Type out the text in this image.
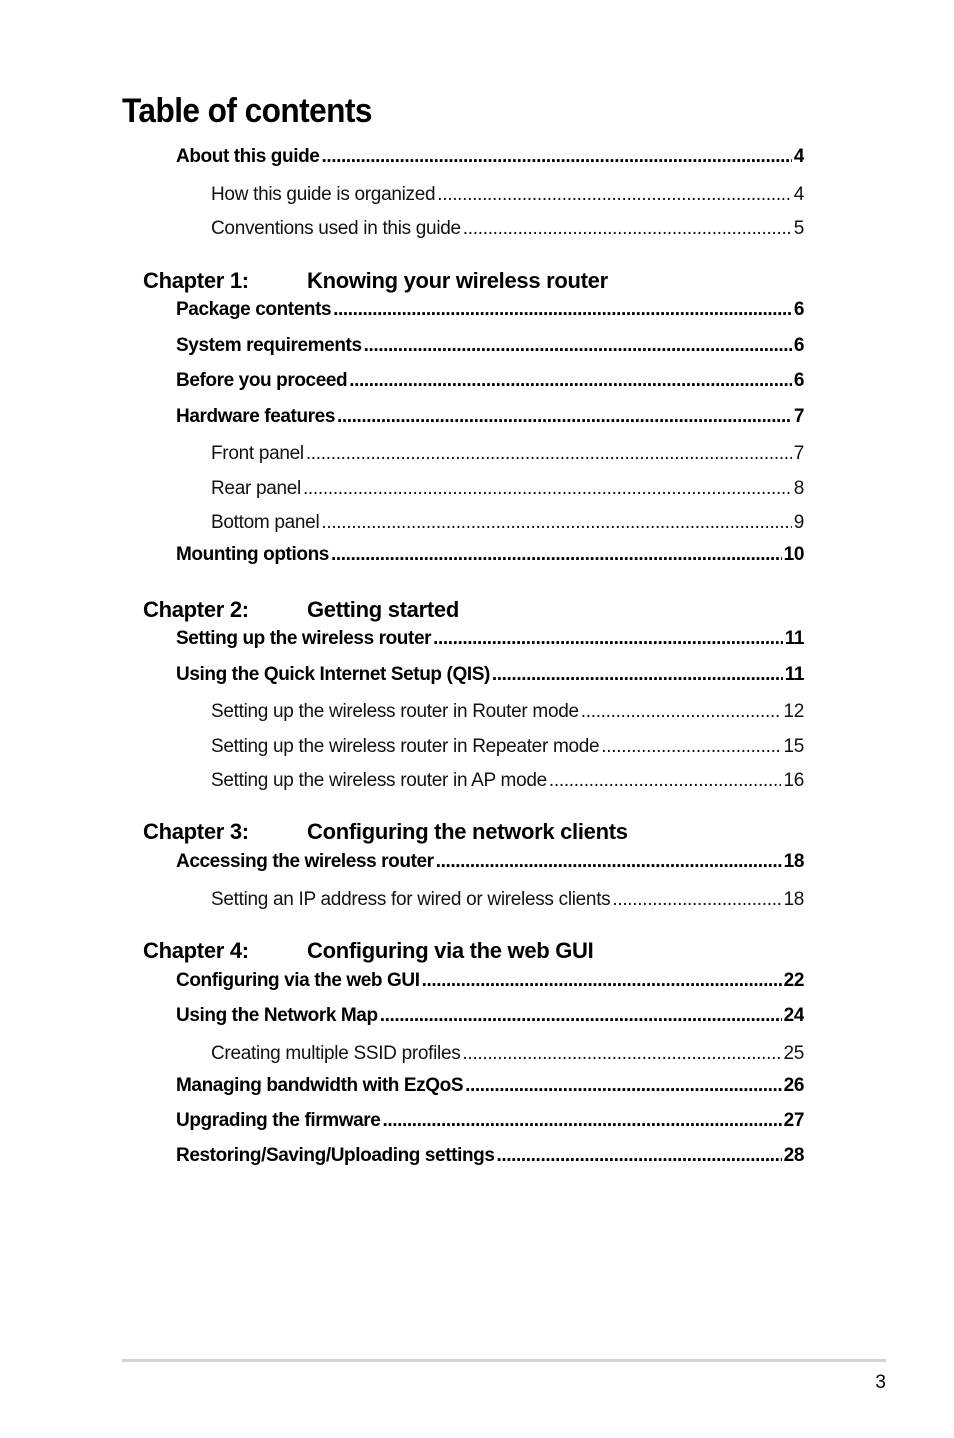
Table of contents
About this guide .....	4
How this guide is organized .....	4
Conventions used in this guide .....	5
Chapter 1:	Knowing your wireless router
Package contents .....	6
System requirements .....	6
Before you proceed .....	6
Hardware features .....	7
Front panel .....	7
Rear panel .....	8
Bottom panel .....	9
Mounting options .....	10
Chapter 2:	Getting started
Setting up the wireless router .....	11
Using the Quick Internet Setup (QIS) .....	11
Setting up the wireless router in Router mode .....	12
Setting up the wireless router in Repeater mode .....	15
Setting up the wireless router in AP mode .....	16
Chapter 3:	Configuring the network clients
Accessing the wireless router .....	18
Setting an IP address for wired or wireless clients .....	18
Chapter 4:	Configuring via the web GUI
Configuring via the web GUI .....	22
Using the Network Map .....	24
Creating multiple SSID profiles .....	25
Managing bandwidth with EzQoS .....	26
Upgrading the firmware .....	27
Restoring/Saving/Uploading settings .....	28
3
